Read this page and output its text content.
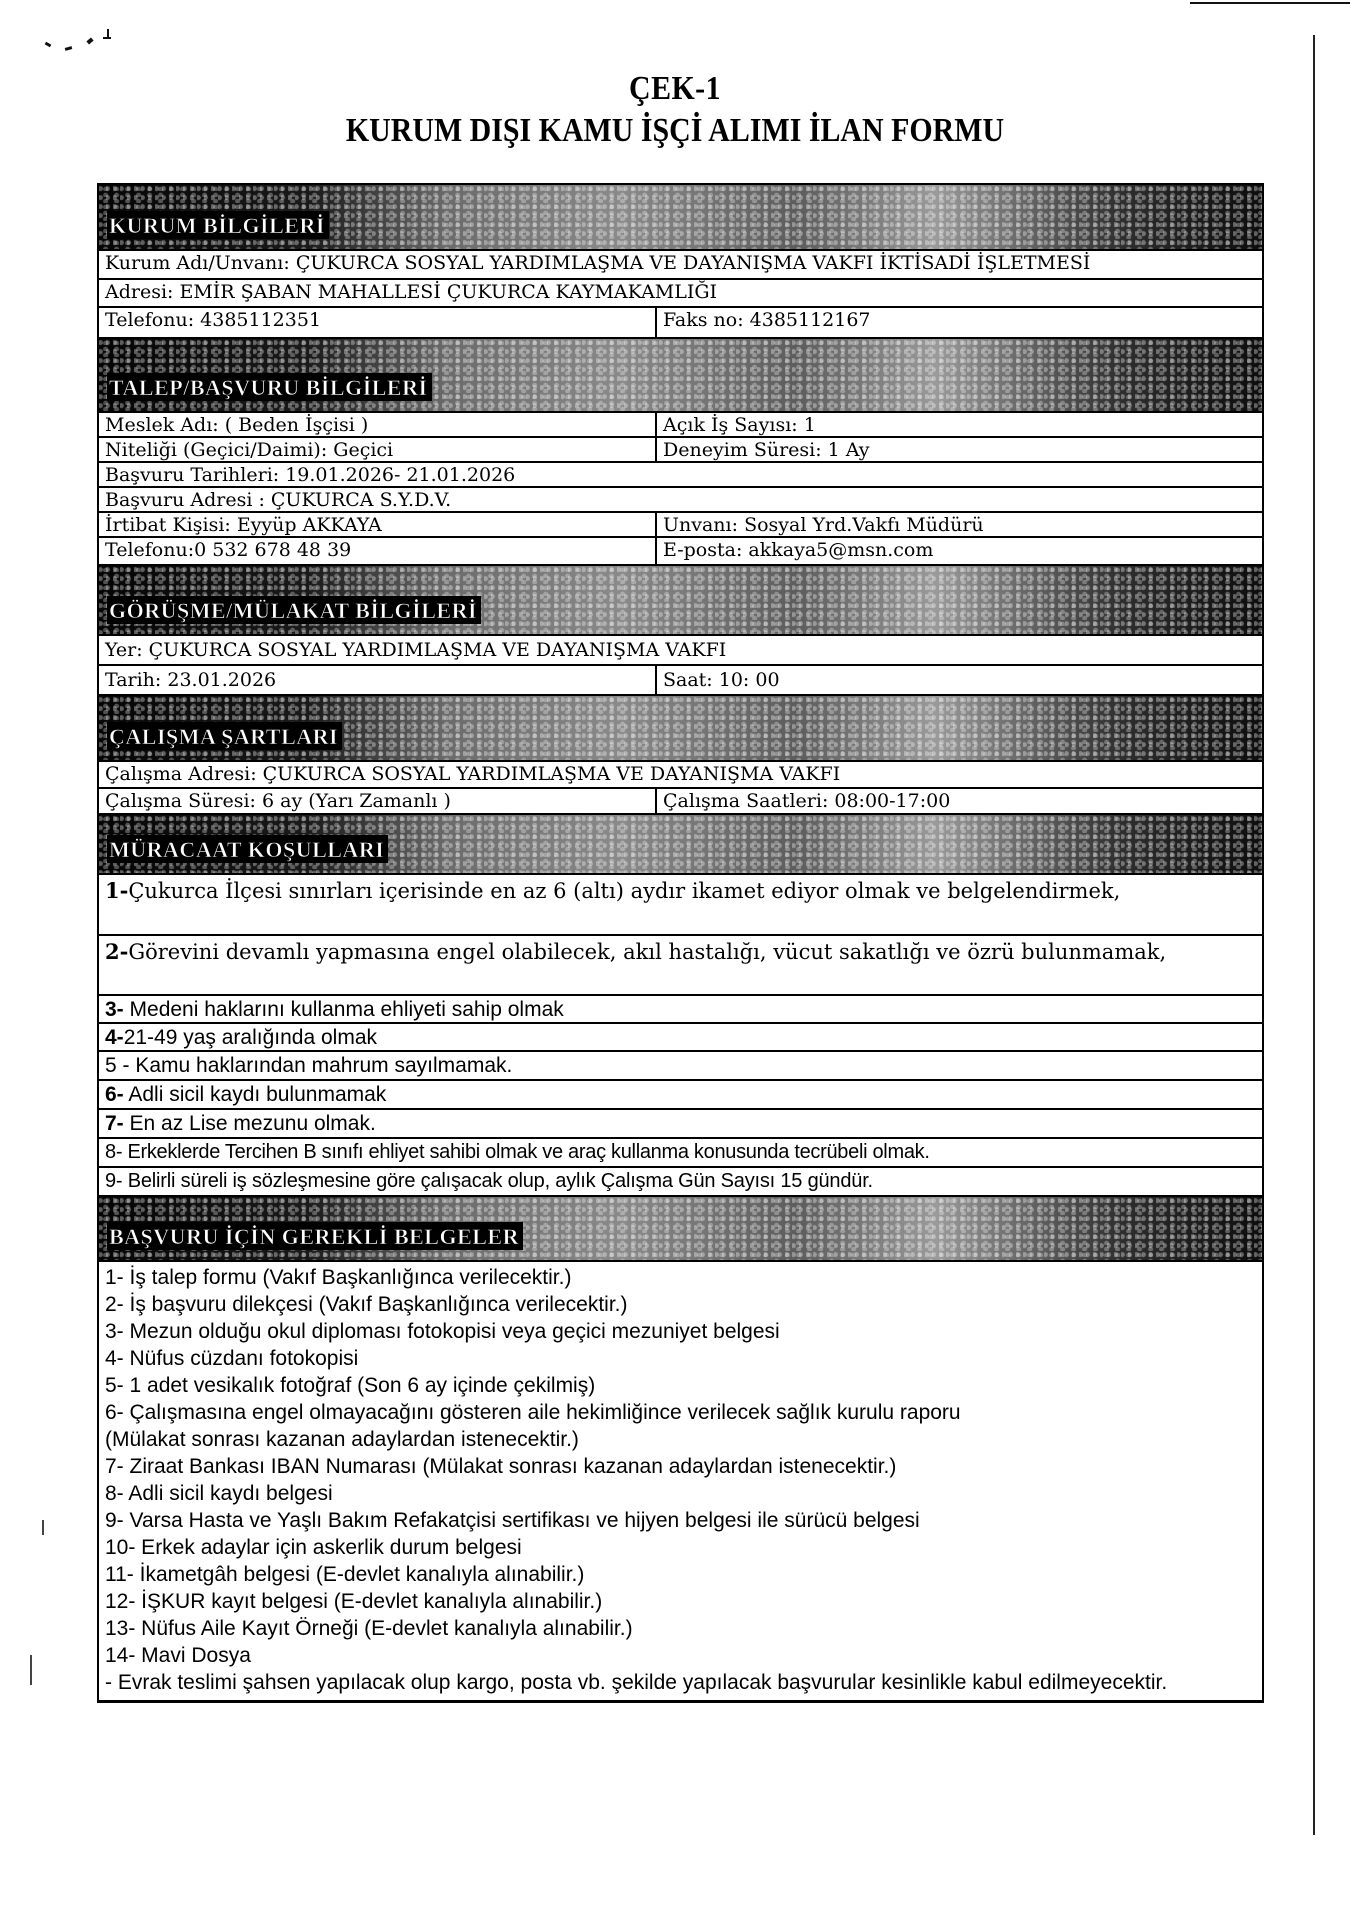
ÇEK-1
KURUM DIŞI KAMU İŞÇİ ALIMI İLAN FORMU
KURUM BİLGİLERİ
Kurum Adı/Unvanı: ÇUKURCA SOSYAL YARDIMLAŞMA VE DAYANIŞMA VAKFI İKTİSADİ İŞLETMESİ
Adresi: EMİR ŞABAN MAHALLESİ ÇUKURCA KAYMAKAMLIĞI
Telefonu: 4385112351	Faks no: 4385112167
TALEP/BAŞVURU BİLGİLERİ
Meslek Adı: ( Beden İşçisi )	Açık İş Sayısı: 1
Niteliği (Geçici/Daimi): Geçici	Deneyim Süresi: 1 Ay
Başvuru Tarihleri: 19.01.2026- 21.01.2026
Başvuru Adresi : ÇUKURCA S.Y.D.V.
İrtibat Kişisi: Eyyüp AKKAYA	Unvanı: Sosyal Yrd.Vakfı Müdürü
Telefonu:0 532 678 48 39	E-posta: akkaya5@msn.com
GÖRÜŞME/MÜLAKAT BİLGİLERİ
Yer: ÇUKURCA SOSYAL YARDIMLAŞMA VE DAYANIŞMA VAKFI
Tarih: 23.01.2026	Saat: 10: 00
ÇALIŞMA ŞARTLARI
Çalışma Adresi: ÇUKURCA SOSYAL YARDIMLAŞMA VE DAYANIŞMA VAKFI
Çalışma Süresi: 6 ay (Yarı Zamanlı )	Çalışma Saatleri: 08:00-17:00
MÜRACAAT KOŞULLARI
1-Çukurca İlçesi sınırları içerisinde en az 6 (altı) aydır ikamet ediyor olmak ve belgelendirmek,
2-Görevini devamlı yapmasına engel olabilecek, akıl hastalığı, vücut sakatlığı ve özrü bulunmamak,
3- Medeni haklarını kullanma ehliyeti sahip olmak
4-21-49 yaş aralığında olmak
5 - Kamu haklarından mahrum sayılmamak.
6- Adli sicil kaydı bulunmamak
7- En az Lise mezunu olmak.
8- Erkeklerde Tercihen B sınıfı ehliyet sahibi olmak ve araç kullanma konusunda tecrübeli olmak.
9- Belirli süreli iş sözleşmesine göre çalışacak olup, aylık Çalışma Gün Sayısı 15 gündür.
BAŞVURU İÇİN GEREKLİ BELGELER
1- İş talep formu (Vakıf Başkanlığınca verilecektir.)
2- İş başvuru dilekçesi (Vakıf Başkanlığınca verilecektir.)
3- Mezun olduğu okul diploması fotokopisi veya geçici mezuniyet belgesi
4- Nüfus cüzdanı fotokopisi
5- 1 adet vesikalık fotoğraf (Son 6 ay içinde çekilmiş)
6- Çalışmasına engel olmayacağını gösteren aile hekimliğince verilecek sağlık kurulu raporu
(Mülakat sonrası kazanan adaylardan istenecektir.)
7- Ziraat Bankası IBAN Numarası (Mülakat sonrası kazanan adaylardan istenecektir.)
8- Adli sicil kaydı belgesi
9- Varsa Hasta ve Yaşlı Bakım Refakatçisi sertifikası ve hijyen belgesi ile sürücü belgesi
10- Erkek adaylar için askerlik durum belgesi
11- İkametgâh belgesi (E-devlet kanalıyla alınabilir.)
12- İŞKUR kayıt belgesi (E-devlet kanalıyla alınabilir.)
13- Nüfus Aile Kayıt Örneği (E-devlet kanalıyla alınabilir.)
14- Mavi Dosya
- Evrak teslimi şahsen yapılacak olup kargo, posta vb. şekilde yapılacak başvurular kesinlikle kabul edilmeyecektir.
